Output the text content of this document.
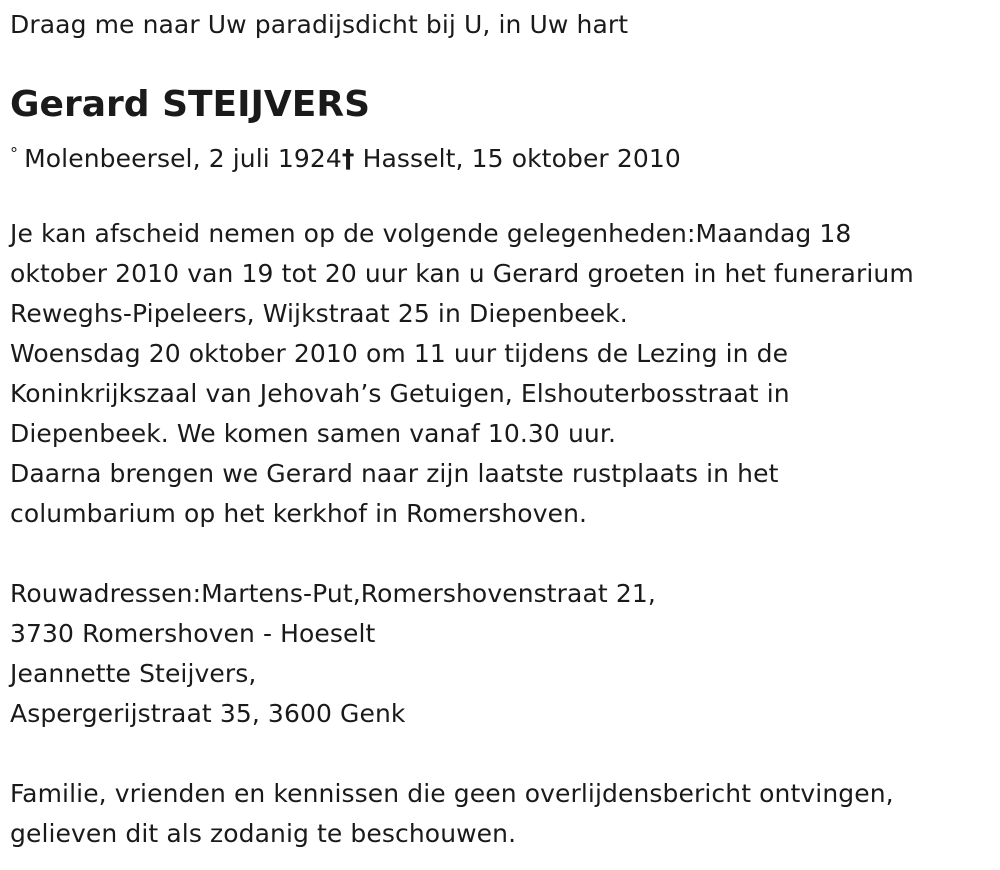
Draag me naar Uw paradijsdicht bij U, in Uw hart
Gerard STEIJVERS
° Molenbeersel, 2 juli 1924† Hasselt, 15 oktober 2010
Je kan afscheid nemen op de volgende gelegenheden:Maandag 18
oktober 2010 van 19 tot 20 uur kan u Gerard groeten in het funerarium
Reweghs-Pipeleers, Wijkstraat 25 in Diepenbeek.
Woensdag 20 oktober 2010 om 11 uur tijdens de Lezing in de
Koninkrijkszaal van Jehovah’s Getuigen, Elshouterbosstraat in
Diepenbeek. We komen samen vanaf 10.30 uur.
Daarna brengen we Gerard naar zijn laatste rustplaats in het
columbarium op het kerkhof in Romershoven.
Rouwadressen:Martens-Put,Romershovenstraat 21,
3730 Romershoven - Hoeselt
Jeannette Steijvers,
Aspergerijstraat 35, 3600 Genk
Familie, vrienden en kennissen die geen overlijdensbericht ontvingen,
gelieven dit als zodanig te beschouwen.
